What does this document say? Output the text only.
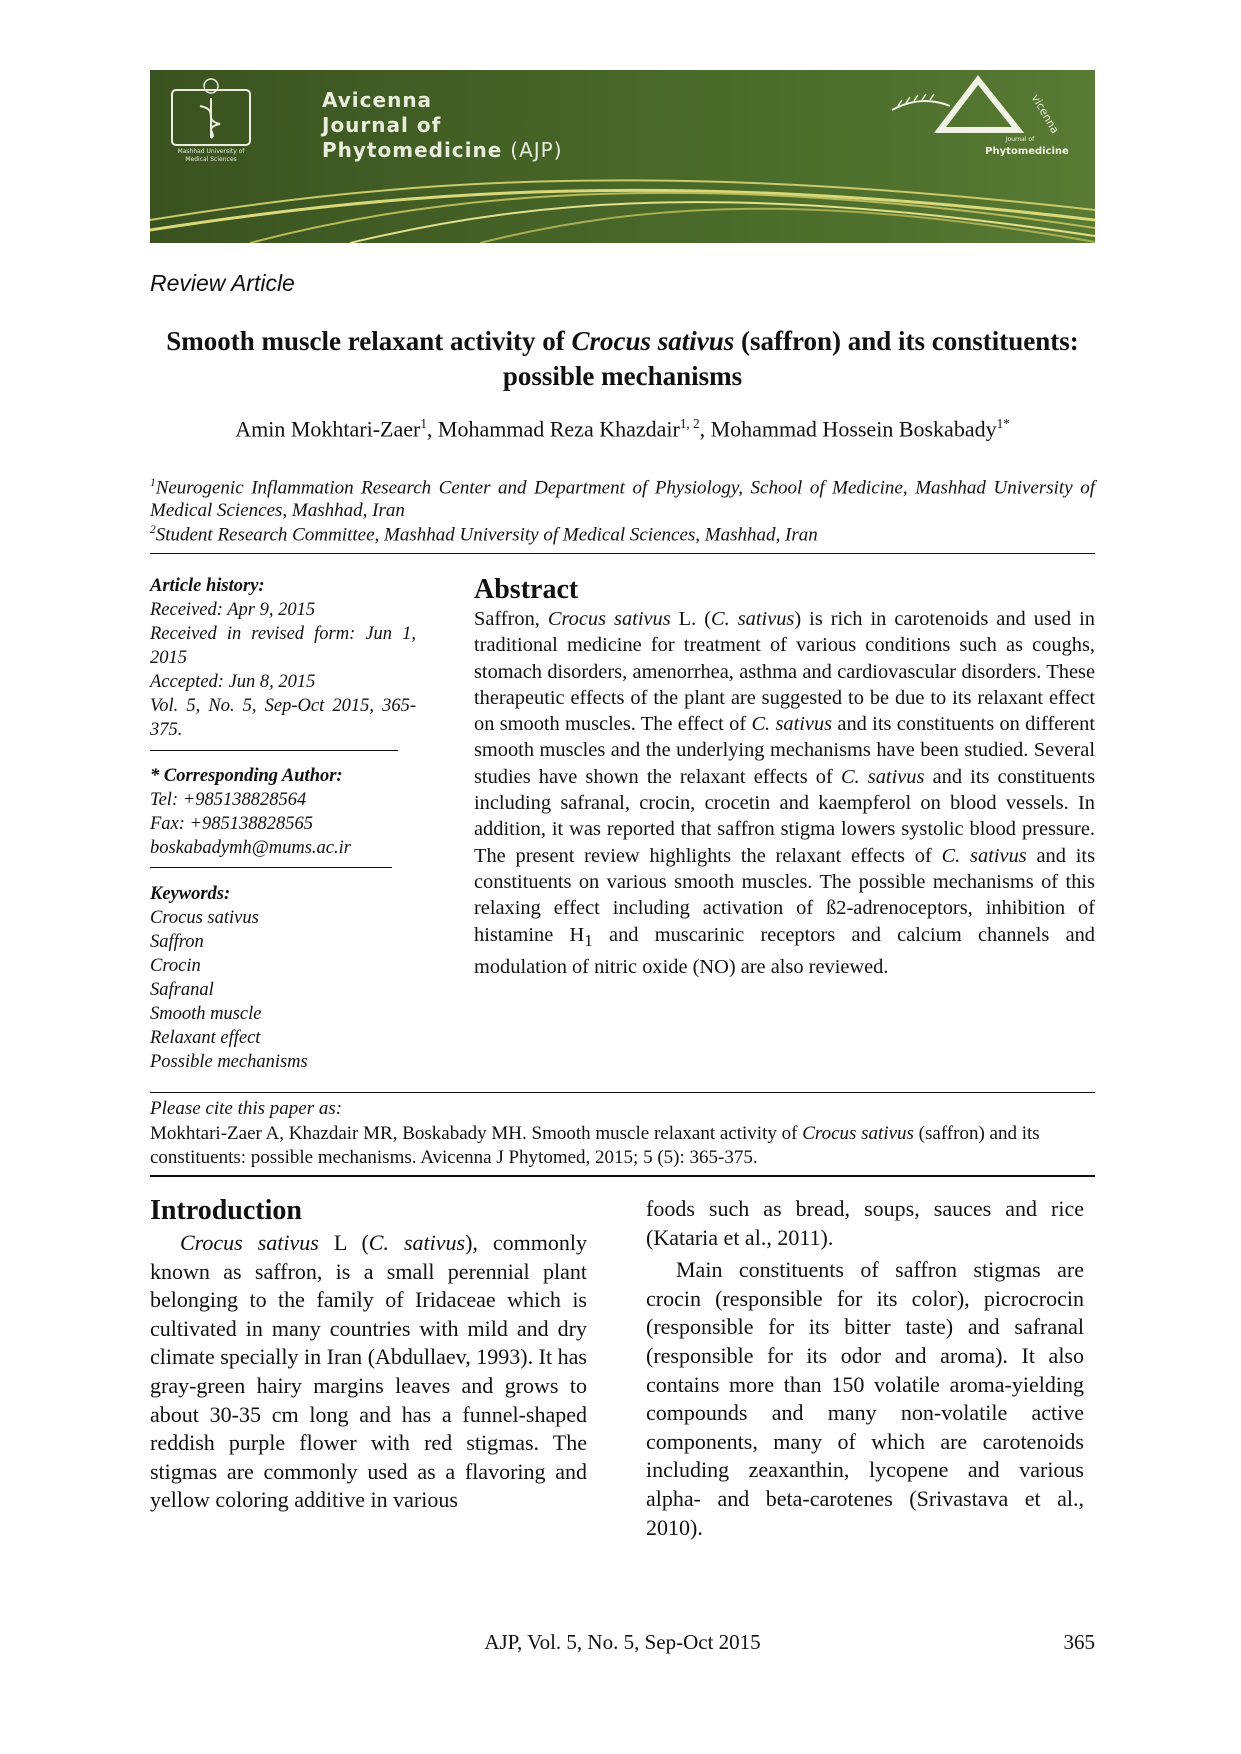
Mashhad University of Medical Sciences
Avicenna
Journal of
Phytomedicine (AJP)
vicenna
Journal of
Phytomedicine
Review Article
Smooth muscle relaxant activity of Crocus sativus (saffron) and its constituents: possible mechanisms
Amin Mokhtari-Zaer$^1$, Mohammad Reza Khazdair$^{1, 2}$, Mohammad Hossein Boskabady$^{1*}$
$^1$Neurogenic Inflammation Research Center and Department of Physiology, School of Medicine, Mashhad University of Medical Sciences, Mashhad, Iran
$^2$Student Research Committee, Mashhad University of Medical Sciences, Mashhad, Iran
Article history:
Received: Apr 9, 2015

Received in revised form: Jun 1, 2015
Accepted: Jun 8, 2015

Vol. 5, No. 5, Sep-Oct 2015, 365-375.
* Corresponding Author:
Tel: +985138828564
Fax: +985138828565
boskabadymh@mums.ac.ir
Keywords:
Crocus sativus
Saffron
Crocin
Safranal
Smooth muscle
Relaxant effect
Possible mechanisms
Abstract
Saffron, Crocus sativus L. (C. sativus) is rich in carotenoids and used in traditional medicine for treatment of various conditions such as coughs, stomach disorders, amenorrhea, asthma and cardiovascular disorders. These therapeutic effects of the plant are suggested to be due to its relaxant effect on smooth muscles. The effect of C. sativus and its constituents on different smooth muscles and the underlying mechanisms have been studied. Several studies have shown the relaxant effects of C. sativus and its constituents including safranal, crocin, crocetin and kaempferol on blood vessels. In addition, it was reported that saffron stigma lowers systolic blood pressure. The present review highlights the relaxant effects of C. sativus and its constituents on various smooth muscles. The possible mechanisms of this relaxing effect including activation of ß2-adrenoceptors, inhibition of histamine $H_1$ and muscarinic receptors and calcium channels and modulation of nitric oxide (NO) are also reviewed.
Please cite this paper as:
Mokhtari-Zaer A, Khazdair MR, Boskabady MH. Smooth muscle relaxant activity of Crocus sativus (saffron) and its constituents: possible mechanisms. Avicenna J Phytomed, 2015; 5 (5): 365-375.
Introduction
Crocus sativus L (C. sativus), commonly known as saffron, is a small perennial plant belonging to the family of Iridaceae which is cultivated in many countries with mild and dry climate specially in Iran (Abdullaev, 1993). It has gray-green hairy margins leaves and grows to about 30-35 cm long and has a funnel-shaped reddish purple flower with red stigmas. The stigmas are commonly used as a flavoring and yellow coloring additive in various

foods such as bread, soups, sauces and rice (Kataria et al., 2011).

Main constituents of saffron stigmas are crocin (responsible for its color), picrocrocin (responsible for its bitter taste) and safranal (responsible for its odor and aroma). It also contains more than 150 volatile aroma-yielding compounds and many non-volatile active components, many of which are carotenoids including zeaxanthin, lycopene and various alpha- and beta-carotenes (Srivastava et al., 2010).

AJP, Vol. 5, No. 5, Sep-Oct 2015	365
